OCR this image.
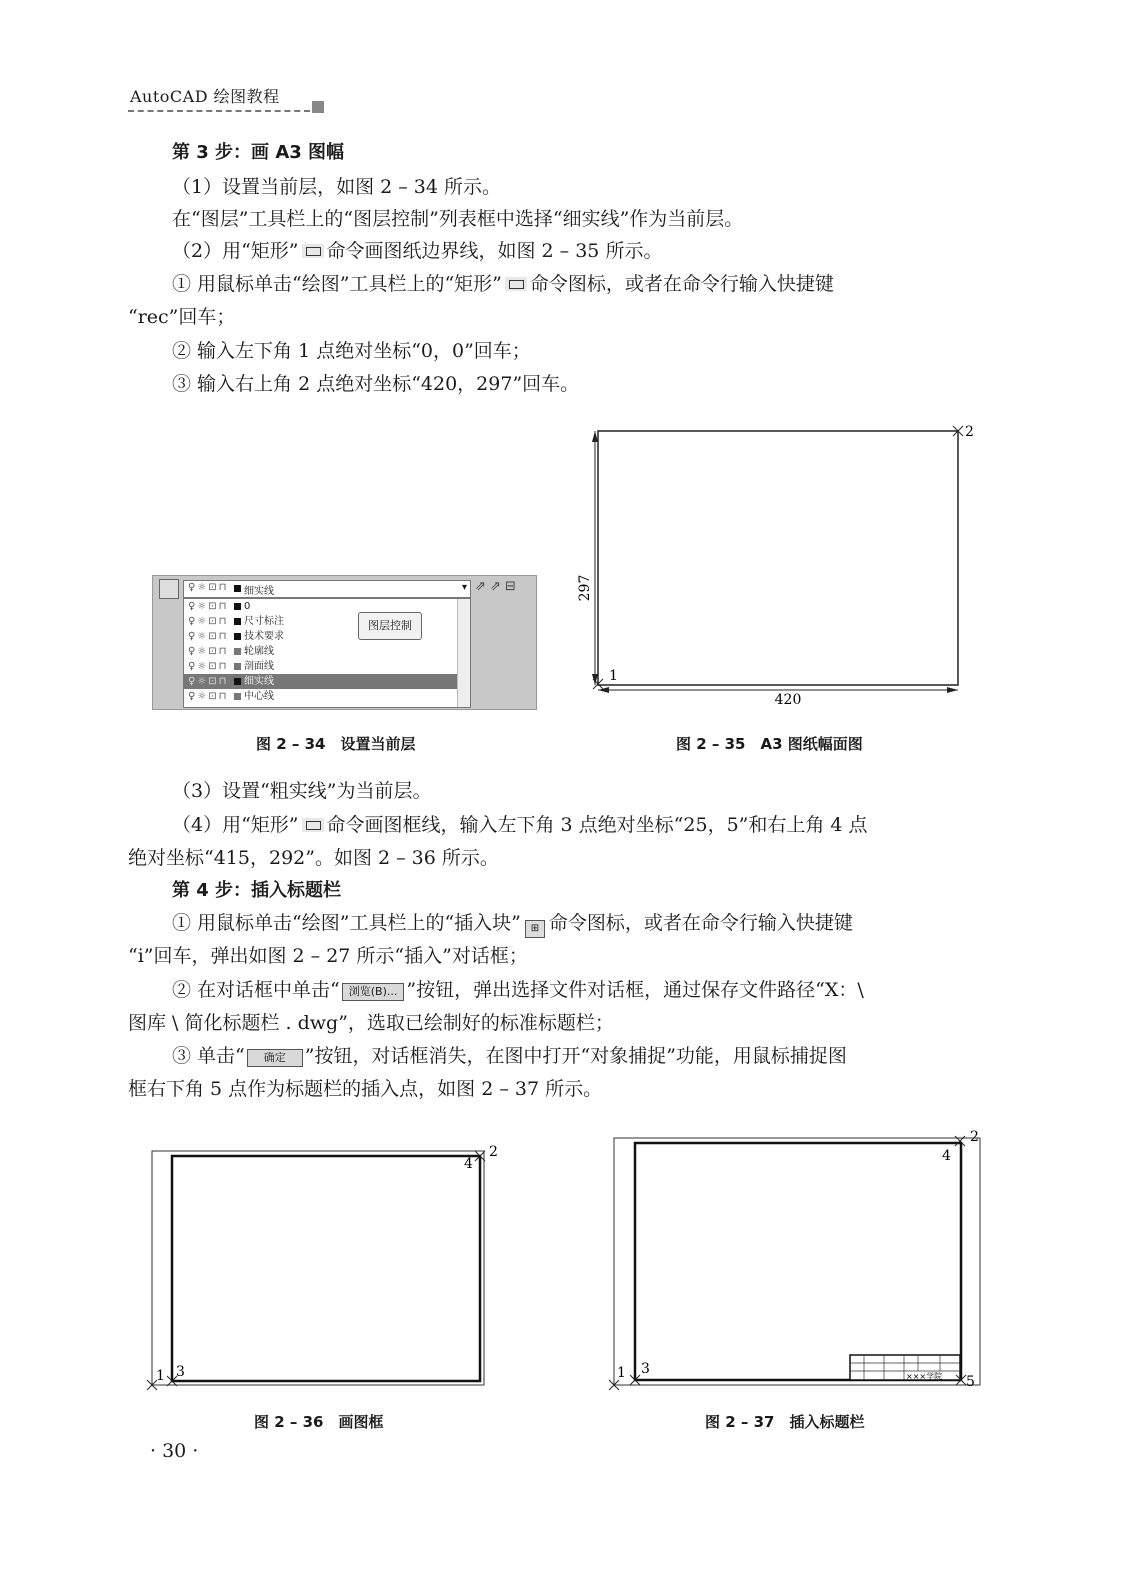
AutoCAD 绘图教程
第 3 步：画 A3 图幅
（1）设置当前层，如图 2 – 34 所示。
在“图层”工具栏上的“图层控制”列表框中选择“细实线”作为当前层。
（2）用“矩形” 命令画图纸边界线，如图 2 – 35 所示。
① 用鼠标单击“绘图”工具栏上的“矩形” 命令图标，或者在命令行输入快捷键
“rec”回车；
② 输入左下角 1 点绝对坐标“0，0”回车；
③ 输入右上角 2 点绝对坐标“420，297”回车。
♀☼⊡⊓ 细实线	▾ ⇗ ⇗ ⊟
♀☼⊡⊓ 0
♀☼⊡⊓ 尺寸标注
♀☼⊡⊓ 技术要求
♀☼⊡⊓ 轮廓线
♀☼⊡⊓ 剖面线
♀☼⊡⊓ 细实线
♀☼⊡⊓ 中心线
图层控制
297
420
1
2
图 2 – 34　设置当前层	图 2 – 35　A3 图纸幅面图
（3）设置“粗实线”为当前层。
（4）用“矩形” 命令画图框线，输入左下角 3 点绝对坐标“25，5”和右上角 4 点
绝对坐标“415，292”。如图 2 – 36 所示。
第 4 步：插入标题栏
① 用鼠标单击“绘图”工具栏上的“插入块” ⊞ 命令图标，或者在命令行输入快捷键
“i”回车，弹出如图 2 – 27 所示“插入”对话框；
② 在对话框中单击“ 浏览(B)... ”按钮，弹出选择文件对话框，通过保存文件路径“X：\
图库 \ 简化标题栏 . dwg”，选取已绘制好的标准标题栏；
③ 单击“ 确定 ”按钮，对话框消失，在图中打开“对象捕捉”功能，用鼠标捕捉图
框右下角 5 点作为标题栏的插入点，如图 2 – 37 所示。
1 3
2
4
×××学院
1 3
2
4
5
图 2 – 36　画图框	图 2 – 37　插入标题栏
· 30 ·
